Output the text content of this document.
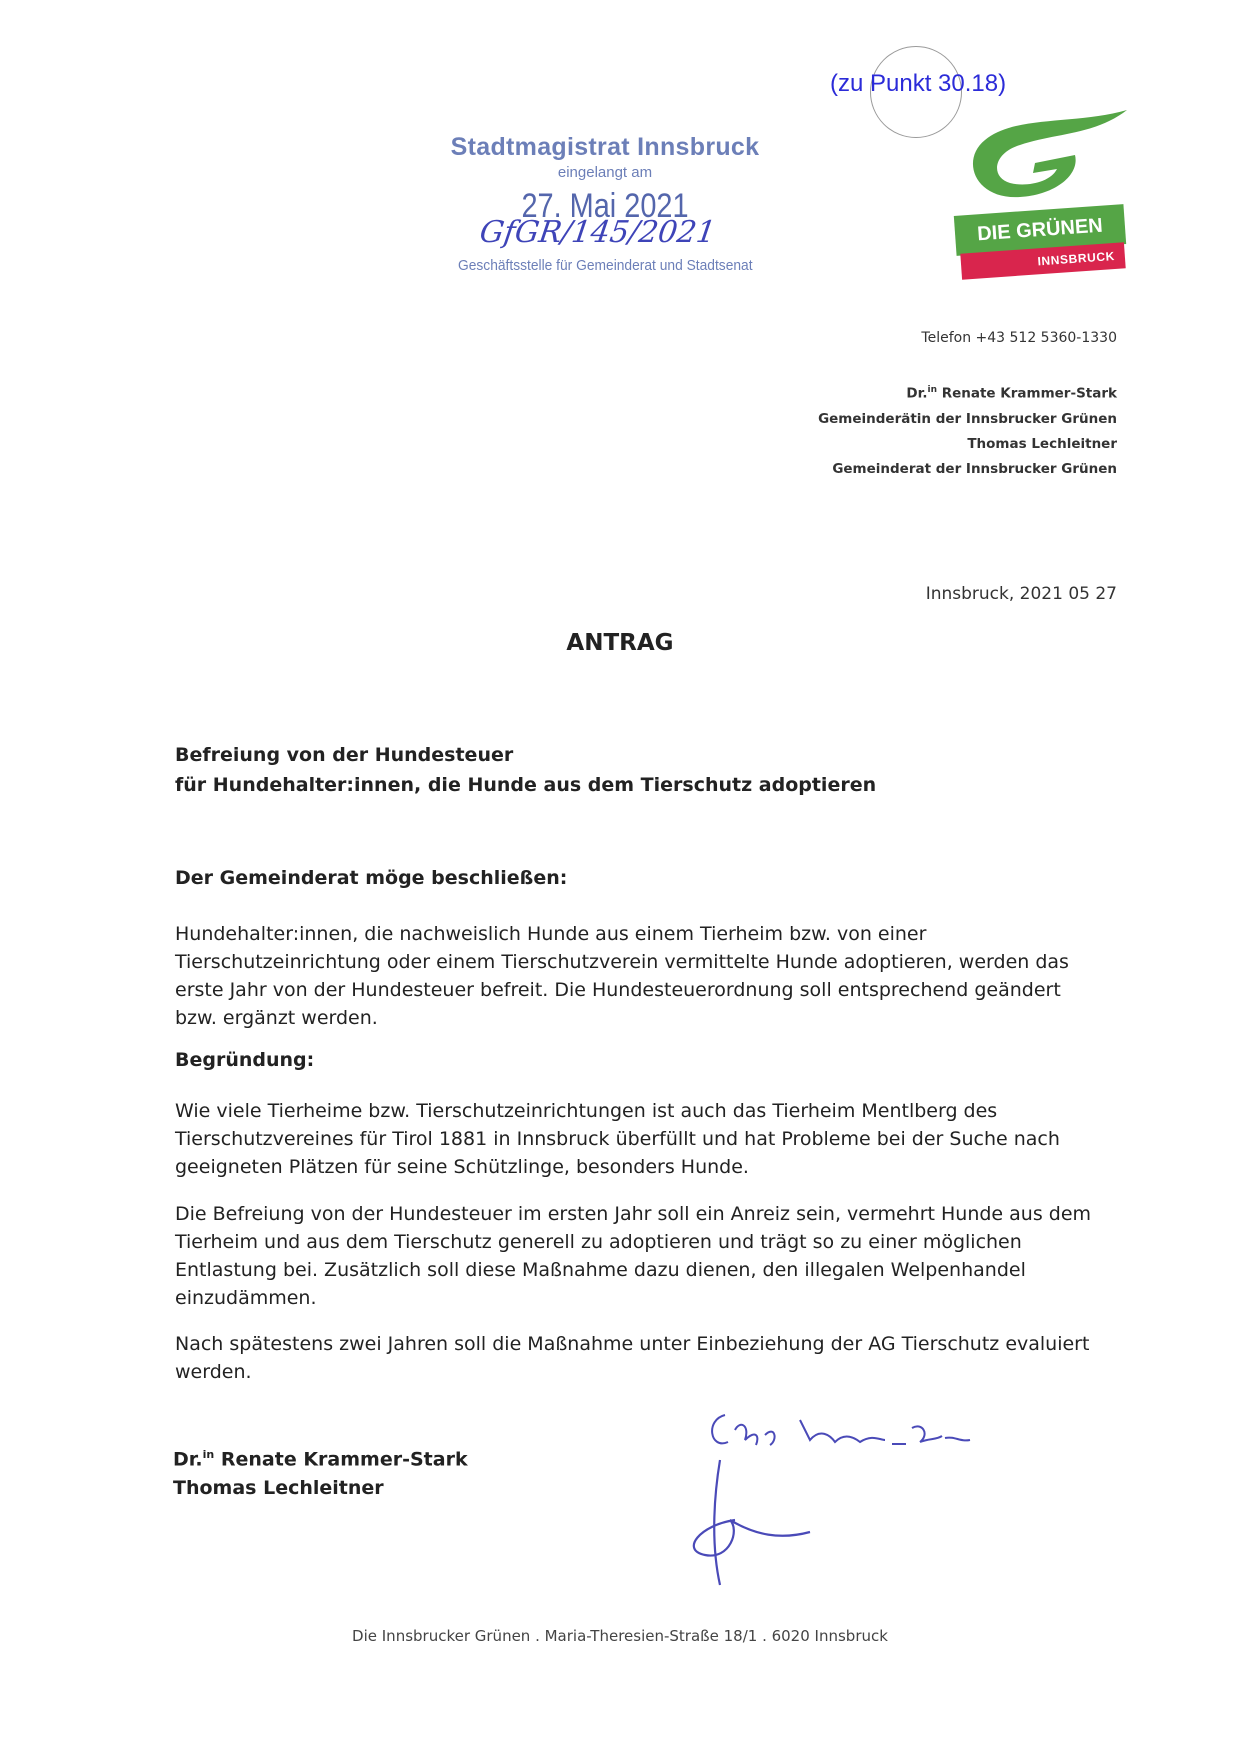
(zu Punkt 30.18)
Stadtmagistrat Innsbruck
eingelangt am
27. Mai 2021
GfGR/145/2021
Geschäftsstelle für Gemeinderat und Stadtsenat
DIE GRÜNEN
INNSBRUCK
Telefon +43 512 5360-1330
Dr.$^{in}$ Renate Krammer-Stark
Gemeinderätin der Innsbrucker Grünen
Thomas Lechleitner
Gemeinderat der Innsbrucker Grünen
Innsbruck, 2021 05 27
ANTRAG
Befreiung von der Hundesteuer
für Hundehalter:innen, die Hunde aus dem Tierschutz adoptieren
Der Gemeinderat möge beschließen:

Hundehalter:innen, die nachweislich Hunde aus einem Tierheim bzw. von einer Tierschutzeinrichtung oder einem Tierschutzverein vermittelte Hunde adoptieren, werden das erste Jahr von der Hundesteuer befreit. Die Hundesteuerordnung soll entsprechend geändert bzw. ergänzt werden.

Begründung:

Wie viele Tierheime bzw. Tierschutzeinrichtungen ist auch das Tierheim Mentlberg des Tierschutzvereines für Tirol 1881 in Innsbruck überfüllt und hat Probleme bei der Suche nach geeigneten Plätzen für seine Schützlinge, besonders Hunde.

Die Befreiung von der Hundesteuer im ersten Jahr soll ein Anreiz sein, vermehrt Hunde aus dem Tierheim und aus dem Tierschutz generell zu adoptieren und trägt so zu einer möglichen Entlastung bei. Zusätzlich soll diese Maßnahme dazu dienen, den illegalen Welpenhandel einzudämmen.

Nach spätestens zwei Jahren soll die Maßnahme unter Einbeziehung der AG Tierschutz evaluiert werden.

Dr.$^{in}$ Renate Krammer-Stark
Thomas Lechleitner
Die Innsbrucker Grünen . Maria-Theresien-Straße 18/1 . 6020 Innsbruck
